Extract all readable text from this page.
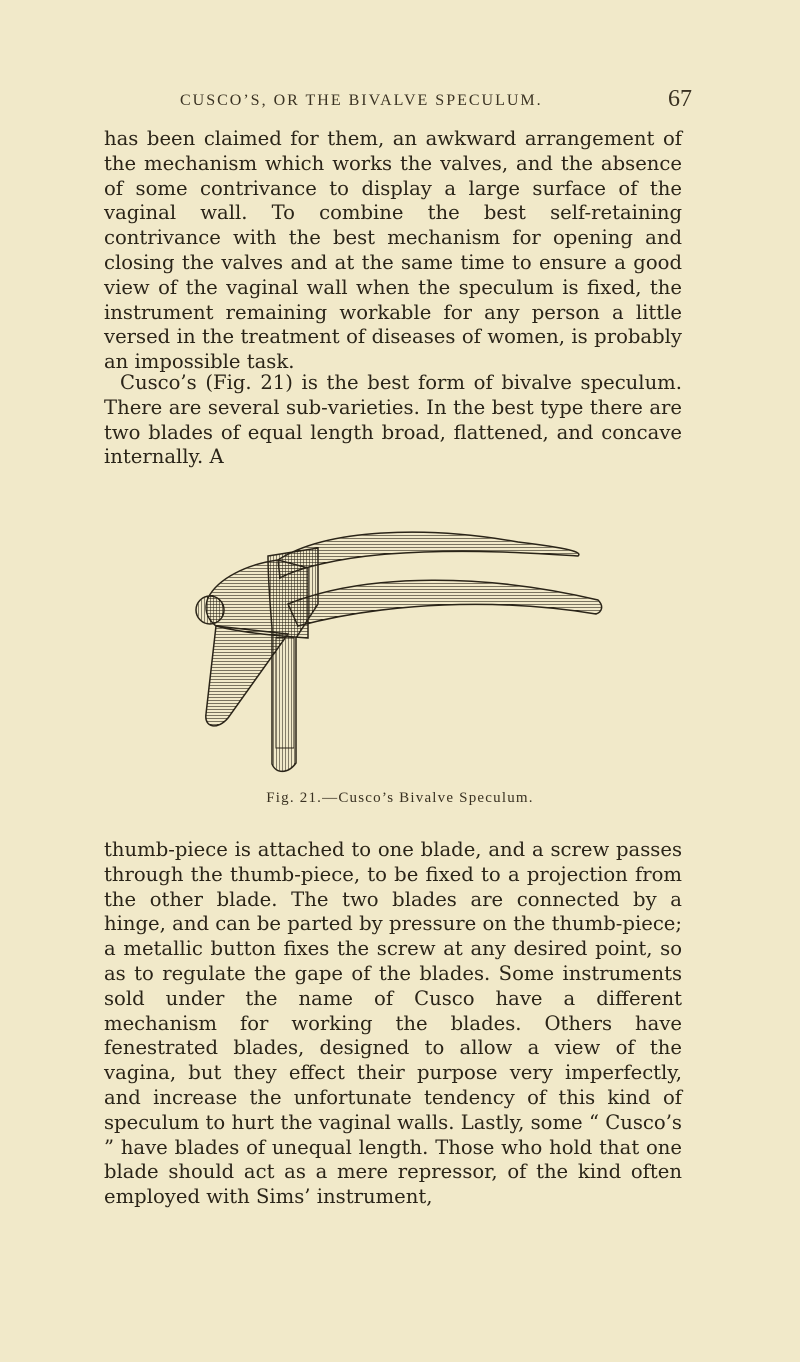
CUSCO’S, OR THE BIVALVE SPECULUM.	67

has been claimed for them, an awkward arrangement of the mechanism which works the valves, and the absence of some contrivance to display a large surface of the vaginal wall. To combine the best self-retaining contrivance with the best mechanism for opening and closing the valves and at the same time to ensure a good view of the vaginal wall when the speculum is fixed, the instrument remaining workable for any person a little versed in the treatment of diseases of women, is probably an impossible task.

Cusco’s (Fig. 21) is the best form of bivalve speculum. There are several sub-varieties. In the best type there are two blades of equal length broad, flattened, and concave internally. A

Fig. 21.—Cusco’s Bivalve Speculum.

thumb-piece is attached to one blade, and a screw passes through the thumb-piece, to be fixed to a projection from the other blade. The two blades are connected by a hinge, and can be parted by pressure on the thumb-piece; a metallic button fixes the screw at any desired point, so as to regulate the gape of the blades. Some instruments sold under the name of Cusco have a different mechanism for working the blades. Others have fenestrated blades, designed to allow a view of the vagina, but they effect their purpose very imperfectly, and increase the unfortunate tendency of this kind of speculum to hurt the vaginal walls. Lastly, some “ Cusco’s ” have blades of unequal length. Those who hold that one blade should act as a mere repressor, of the kind often employed with Sims’ instrument,
